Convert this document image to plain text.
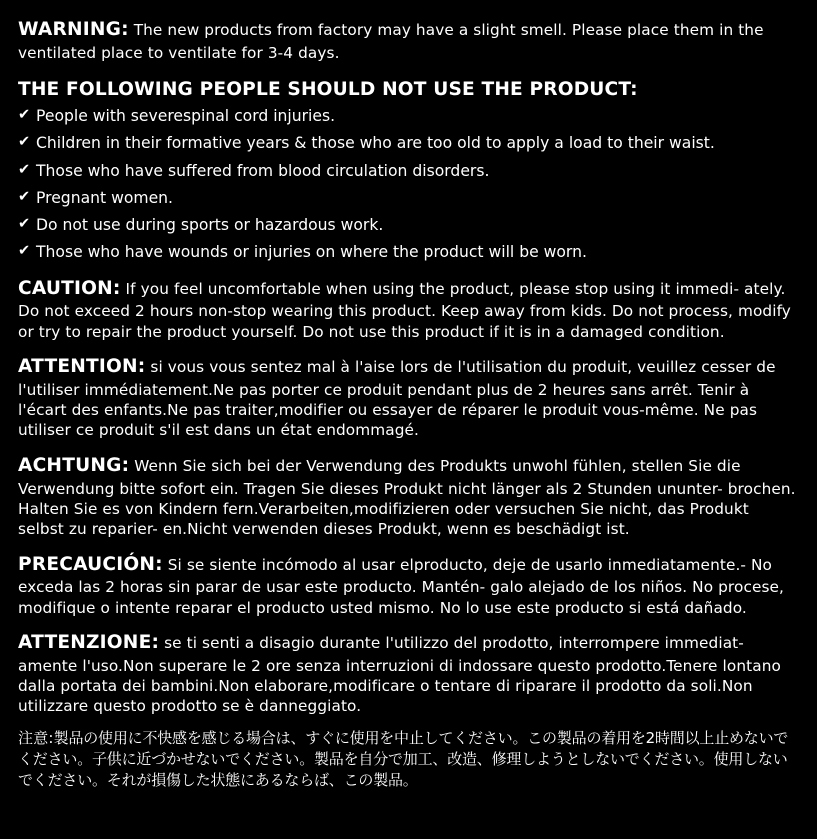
WARNING: The new products from factory may have a slight smell. Please place them in the ventilated place to ventilate for 3-4 days.

THE FOLLOWING PEOPLE SHOULD NOT USE THE PRODUCT:
✔ People with severespinal cord injuries.
✔ Children in their formative years & those who are too old to apply a load to their waist.
✔ Those who have suffered from blood circulation disorders.
✔ Pregnant women.
✔ Do not use during sports or hazardous work.
✔ Those who have wounds or injuries on where the product will be worn.

CAUTION: If you feel uncomfortable when using the product, please stop using it immedi- ately. Do not exceed 2 hours non-stop wearing this product. Keep away from kids. Do not process, modify or try to repair the product yourself. Do not use this product if it is in a damaged condition.

ATTENTION: si vous vous sentez mal à l'aise lors de l'utilisation du produit, veuillez cesser de l'utiliser immédiatement.Ne pas porter ce produit pendant plus de 2 heures sans arrêt. Tenir à l'écart des enfants.Ne pas traiter,modifier ou essayer de réparer le produit vous-même. Ne pas utiliser ce produit s'il est dans un état endommagé.

ACHTUNG: Wenn Sie sich bei der Verwendung des Produkts unwohl fühlen, stellen Sie die Verwendung bitte sofort ein. Tragen Sie dieses Produkt nicht länger als 2 Stunden ununter- brochen. Halten Sie es von Kindern fern.Verarbeiten,modifizieren oder versuchen Sie nicht, das Produkt selbst zu reparier- en.Nicht verwenden dieses Produkt, wenn es beschädigt ist.

PRECAUCIÓN: Si se siente incómodo al usar elproducto, deje de usarlo inmediatamente.- No exceda las 2 horas sin parar de usar este producto. Mantén- galo alejado de los niños. No procese, modifique o intente reparar el producto usted mismo. No lo use este producto si está dañado.

ATTENZIONE: se ti senti a disagio durante l'utilizzo del prodotto, interrompere immediat- amente l'uso.Non superare le 2 ore senza interruzioni di indossare questo prodotto.Tenere lontano dalla portata dei bambini.Non elaborare,modificare o tentare di riparare il prodotto da soli.Non utilizzare questo prodotto se è danneggiato.

注意:製品の使用に不快感を感じる場合は、すぐに使用を中止してください。この製品の着用を2時間以上止めないでください。子供に近づかせないでください。製品を自分で加工、改造、修理しようとしないでください。使用しないでください。それが損傷した状態にあるならば、この製品。
